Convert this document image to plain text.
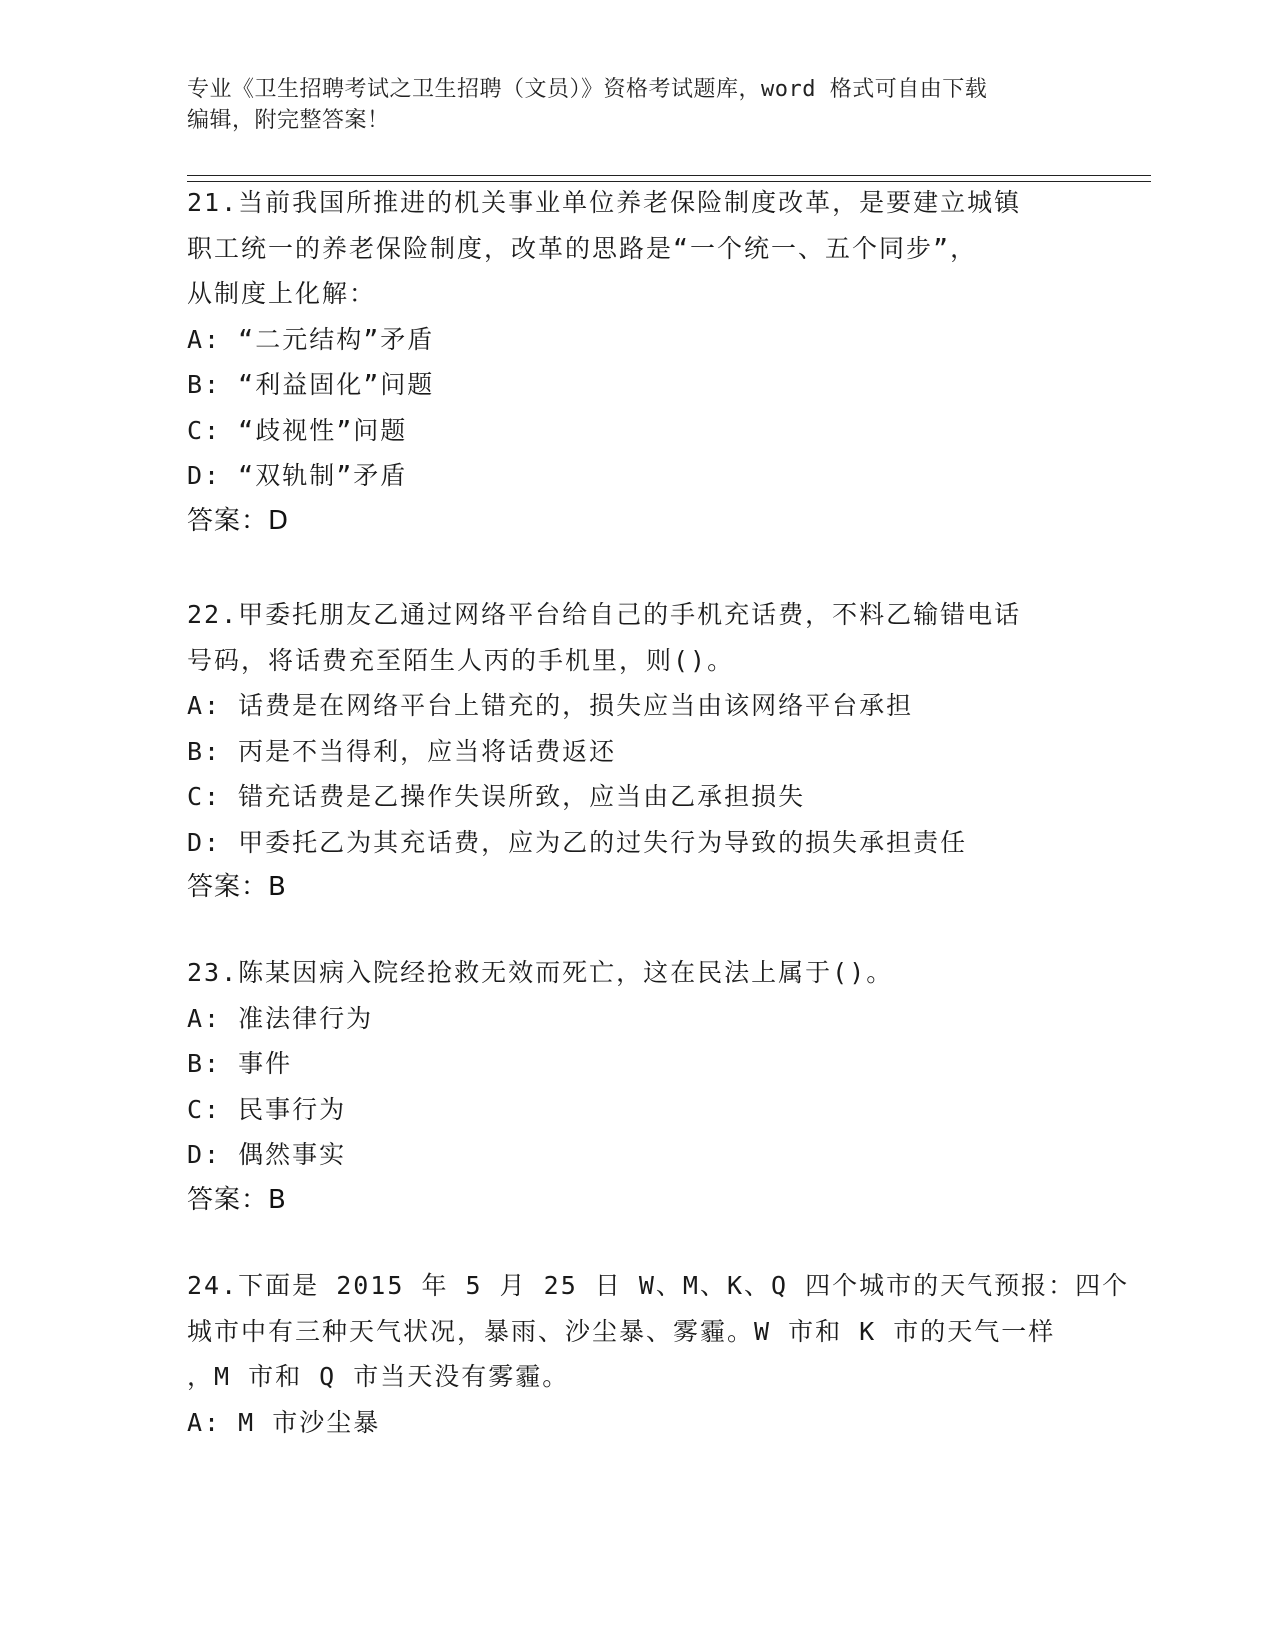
专业《卫生招聘考试之卫生招聘（文员）》资格考试题库，word 格式可自由下载
编辑，附完整答案！
21.当前我国所推进的机关事业单位养老保险制度改革，是要建立城镇
职工统一的养老保险制度，改革的思路是“一个统一、五个同步”，
从制度上化解：
A: “二元结构”矛盾
B: “利益固化”问题
C: “歧视性”问题
D: “双轨制”矛盾
答案：D
22.甲委托朋友乙通过网络平台给自己的手机充话费，不料乙输错电话
号码，将话费充至陌生人丙的手机里，则()。
A: 话费是在网络平台上错充的，损失应当由该网络平台承担
B: 丙是不当得利，应当将话费返还
C: 错充话费是乙操作失误所致，应当由乙承担损失
D: 甲委托乙为其充话费，应为乙的过失行为导致的损失承担责任
答案：B
23.陈某因病入院经抢救无效而死亡，这在民法上属于()。
A: 准法律行为
B: 事件
C: 民事行为
D: 偶然事实
答案：B
24.下面是 2015 年 5 月 25 日 W、M、K、Q 四个城市的天气预报：四个
城市中有三种天气状况，暴雨、沙尘暴、雾霾。W 市和 K 市的天气一样
，M 市和 Q 市当天没有雾霾。
A: M 市沙尘暴
